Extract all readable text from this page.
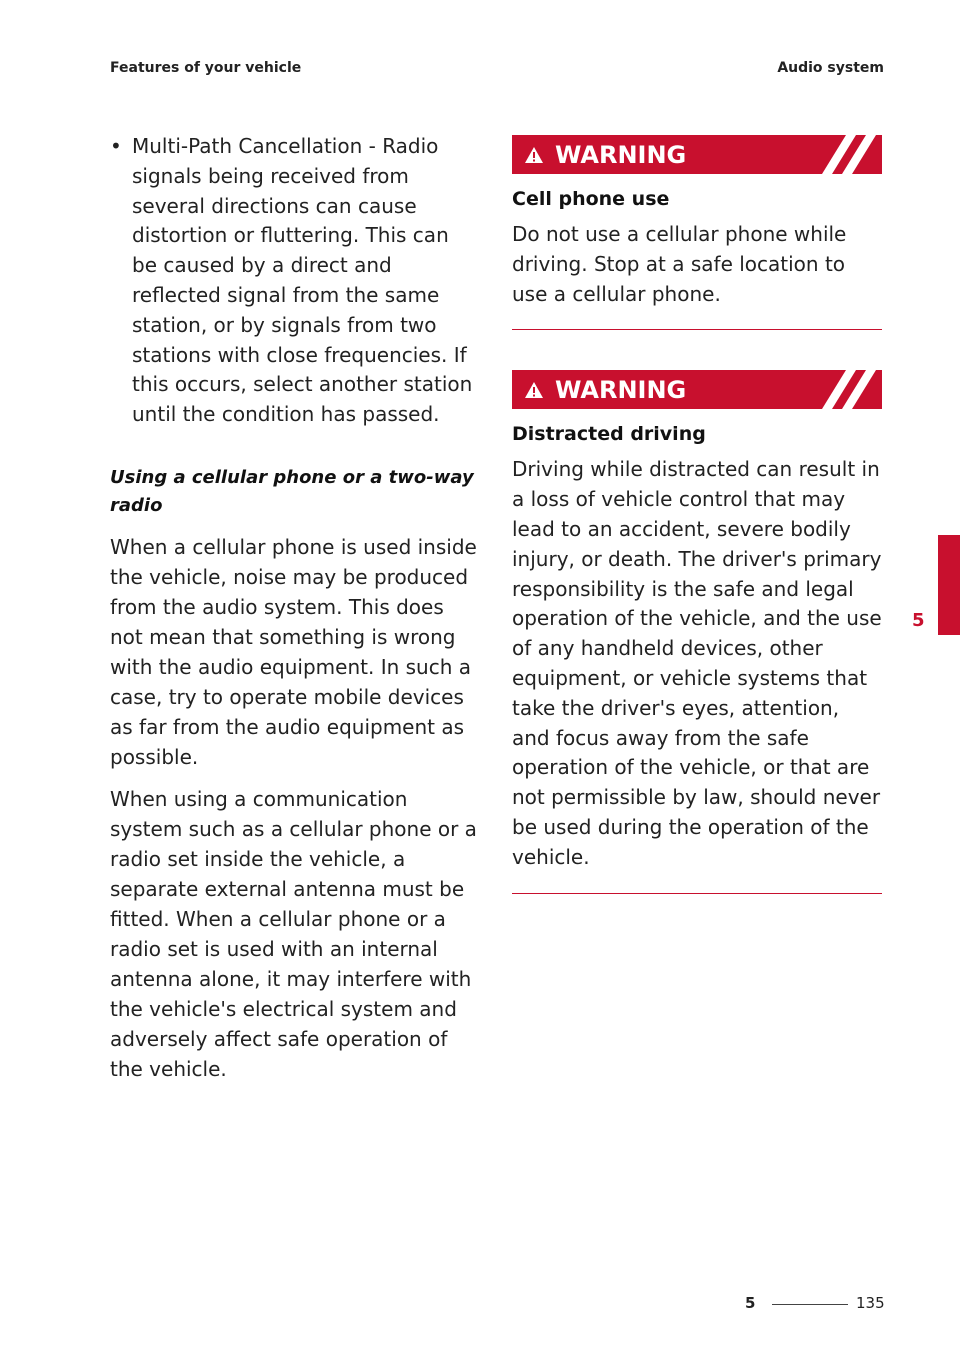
Features of your vehicle	Audio system
• Multi-Path Cancellation - Radio signals being received from several directions can cause distortion or fluttering. This can be caused by a direct and reflected signal from the same station, or by signals from two stations with close frequencies. If this occurs, select another station until the condition has passed.
Using a cellular phone or a two-way radio
When a cellular phone is used inside the vehicle, noise may be produced from the audio system. This does not mean that something is wrong with the audio equipment. In such a case, try to operate mobile devices as far from the audio equipment as possible.
When using a communication system such as a cellular phone or a radio set inside the vehicle, a separate external antenna must be fitted. When a cellular phone or a radio set is used with an internal antenna alone, it may interfere with the vehicle's electrical system and adversely affect safe operation of the vehicle.
WARNING
Cell phone use
Do not use a cellular phone while driving. Stop at a safe location to use a cellular phone.
WARNING
Distracted driving
Driving while distracted can result in a loss of vehicle control that may lead to an accident, severe bodily injury, or death. The driver's primary responsibility is the safe and legal operation of the vehicle, and the use of any handheld devices, other equipment, or vehicle systems that take the driver's eyes, attention, and focus away from the safe operation of the vehicle, or that are not permissible by law, should never be used during the operation of the vehicle.
5
5	135
